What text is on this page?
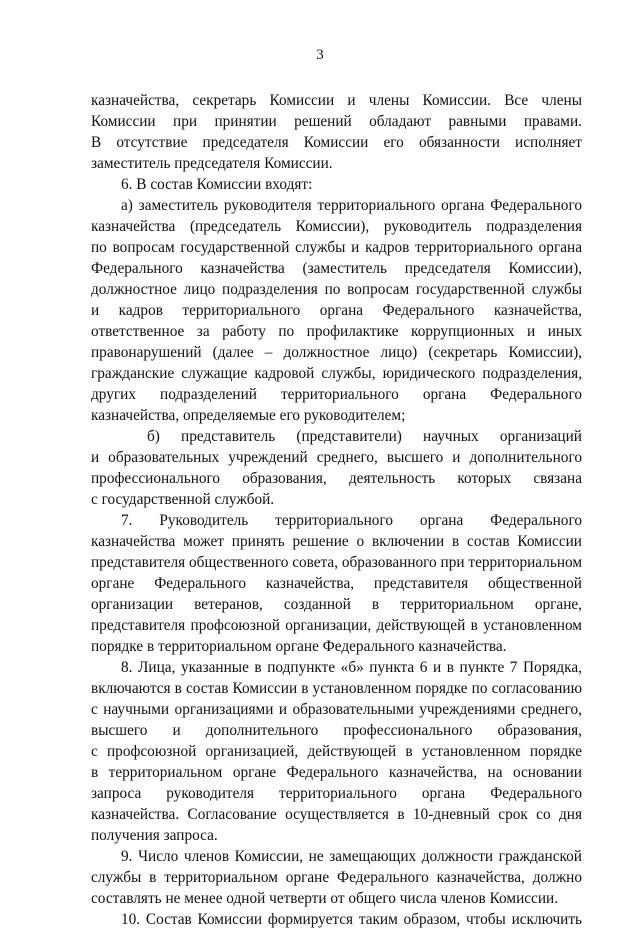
3
казначейства, секретарь Комиссии и члены Комиссии. Все члены
Комиссии при принятии решений обладают равными правами.
В отсутствие председателя Комиссии его обязанности исполняет
заместитель председателя Комиссии.
6. В состав Комиссии входят:
а) заместитель руководителя территориального органа Федерального
казначейства (председатель Комиссии), руководитель подразделения
по вопросам государственной службы и кадров территориального органа
Федерального казначейства (заместитель председателя Комиссии),
должностное лицо подразделения по вопросам государственной службы
и кадров территориального органа Федерального казначейства,
ответственное за работу по профилактике коррупционных и иных
правонарушений (далее – должностное лицо) (секретарь Комиссии),
гражданские служащие кадровой службы, юридического подразделения,
других подразделений территориального органа Федерального
казначейства, определяемые его руководителем;
б) представитель (представители) научных организаций
и образовательных учреждений среднего, высшего и дополнительного
профессионального образования, деятельность которых связана
с государственной службой.
7. Руководитель территориального органа Федерального
казначейства может принять решение о включении в состав Комиссии
представителя общественного совета, образованного при территориальном
органе Федерального казначейства, представителя общественной
организации ветеранов, созданной в территориальном органе,
представителя профсоюзной организации, действующей в установленном
порядке в территориальном органе Федерального казначейства.
8. Лица, указанные в подпункте «б» пункта 6 и в пункте 7 Порядка,
включаются в состав Комиссии в установленном порядке по согласованию
с научными организациями и образовательными учреждениями среднего,
высшего и дополнительного профессионального образования,
с профсоюзной организацией, действующей в установленном порядке
в территориальном органе Федерального казначейства, на основании
запроса руководителя территориального органа Федерального
казначейства. Согласование осуществляется в 10-дневный срок со дня
получения запроса.
9. Число членов Комиссии, не замещающих должности гражданской
службы в территориальном органе Федерального казначейства, должно
составлять не менее одной четверти от общего числа членов Комиссии.
10. Состав Комиссии формируется таким образом, чтобы исключить
